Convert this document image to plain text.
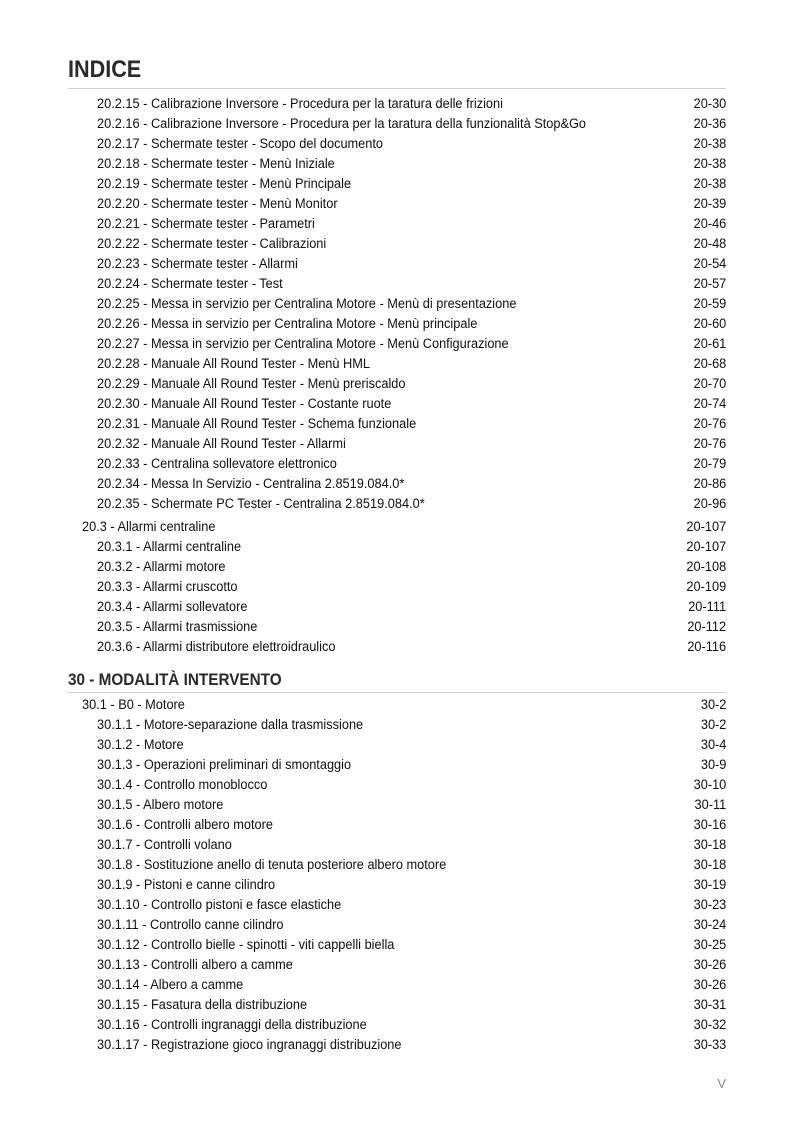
INDICE
20.2.15 - Calibrazione Inversore - Procedura per la taratura delle frizioni	20-30
20.2.16 - Calibrazione Inversore - Procedura per la taratura della funzionalità Stop&Go	20-36
20.2.17 - Schermate tester - Scopo del documento	20-38
20.2.18 - Schermate tester - Menù Iniziale	20-38
20.2.19 - Schermate tester - Menù Principale	20-38
20.2.20 - Schermate tester - Menù Monitor	20-39
20.2.21 - Schermate tester - Parametri	20-46
20.2.22 - Schermate tester - Calibrazioni	20-48
20.2.23 - Schermate tester - Allarmi	20-54
20.2.24 - Schermate tester - Test	20-57
20.2.25 - Messa in servizio per Centralina Motore - Menù di presentazione	20-59
20.2.26 - Messa in servizio per Centralina Motore - Menù principale	20-60
20.2.27 - Messa in servizio per Centralina Motore - Menù Configurazione	20-61
20.2.28 - Manuale All Round Tester - Menù HML	20-68
20.2.29 - Manuale All Round Tester - Menù preriscaldo	20-70
20.2.30 - Manuale All Round Tester - Costante ruote	20-74
20.2.31 - Manuale All Round Tester - Schema funzionale	20-76
20.2.32 - Manuale All Round Tester - Allarmi	20-76
20.2.33 - Centralina sollevatore elettronico	20-79
20.2.34 - Messa In Servizio - Centralina 2.8519.084.0*	20-86
20.2.35 - Schermate PC Tester - Centralina 2.8519.084.0*	20-96
20.3 - Allarmi centraline	20-107
20.3.1 - Allarmi centraline	20-107
20.3.2 - Allarmi motore	20-108
20.3.3 - Allarmi cruscotto	20-109
20.3.4 - Allarmi sollevatore	20-111
20.3.5 - Allarmi trasmissione	20-112
20.3.6 - Allarmi distributore elettroidraulico	20-116
30 - MODALITÀ INTERVENTO
30.1 - B0 - Motore	30-2
30.1.1 - Motore-separazione dalla trasmissione	30-2
30.1.2 - Motore	30-4
30.1.3 - Operazioni preliminari di smontaggio	30-9
30.1.4 - Controllo monoblocco	30-10
30.1.5 - Albero motore	30-11
30.1.6 - Controlli albero motore	30-16
30.1.7 - Controlli volano	30-18
30.1.8 - Sostituzione anello di tenuta posteriore albero motore	30-18
30.1.9 - Pistoni e canne cilindro	30-19
30.1.10 - Controllo pistoni e fasce elastiche	30-23
30.1.11 - Controllo canne cilindro	30-24
30.1.12 - Controllo bielle - spinotti - viti cappelli biella	30-25
30.1.13 - Controlli albero a camme	30-26
30.1.14 - Albero a camme	30-26
30.1.15 - Fasatura della distribuzione	30-31
30.1.16 - Controlli ingranaggi della distribuzione	30-32
30.1.17 - Registrazione gioco ingranaggi distribuzione	30-33
V
